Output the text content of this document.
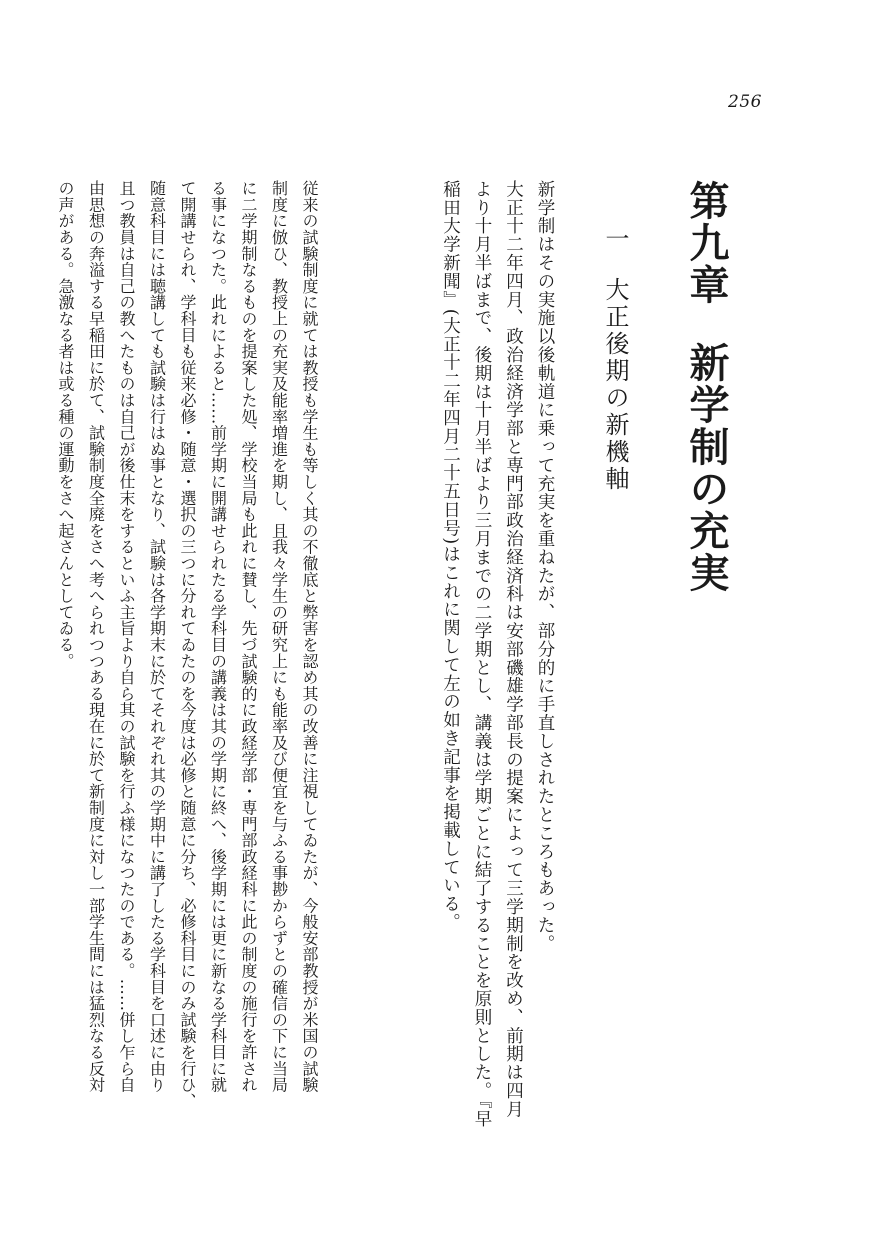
256
第九章新学制の充実
一大正後期の新機軸
新学制はその実施以後軌道に乗って充実を重ねたが、部分的に手直しされたところもあった。
大正十二年四月、政治経済学部と専門部政治経済科は安部磯雄学部長の提案によって三学期制を改め、前期は四月
より十月半ばまで、後期は十月半ばより三月までの二学期とし、講義は学期ごとに結了することを原則とした。『早
稲田大学新聞』(大正十二年四月二十五日号)はこれに関して左の如き記事を掲載している。
従来の試験制度に就ては教授も学生も等しく其の不徹底と弊害を認め其の改善に注視してゐたが、今般安部教授が米国の試験
制度に倣ひ、教授上の充実及能率増進を期し、且我々学生の研究上にも能率及び便宜を与ふる事尠からずとの確信の下に当局
に二学期制なるものを提案した処、学校当局も此れに賛し、先づ試験的に政経学部・専門部政経科に此の制度の施行を許され
る事になつた。此れによると……前学期に開講せられたる学科目の講義は其の学期に終へ、後学期には更に新なる学科目に就
て開講せられ、学科目も従来必修・随意・選択の三つに分れてゐたのを今度は必修と随意に分ち、必修科目にのみ試験を行ひ、
随意科目には聴講しても試験は行はぬ事となり、試験は各学期末に於てそれぞれ其の学期中に講了したる学科目を口述に由り
且つ教員は自己の教へたものは自己が後仕末をするといふ主旨より自ら其の試験を行ふ様になつたのである。……併し乍ら自
由思想の奔溢する早稲田に於て、試験制度全廃をさへ考へられつつある現在に於て新制度に対し一部学生間には猛烈なる反対
の声がある。急激なる者は或る種の運動をさへ起さんとしてゐる。
